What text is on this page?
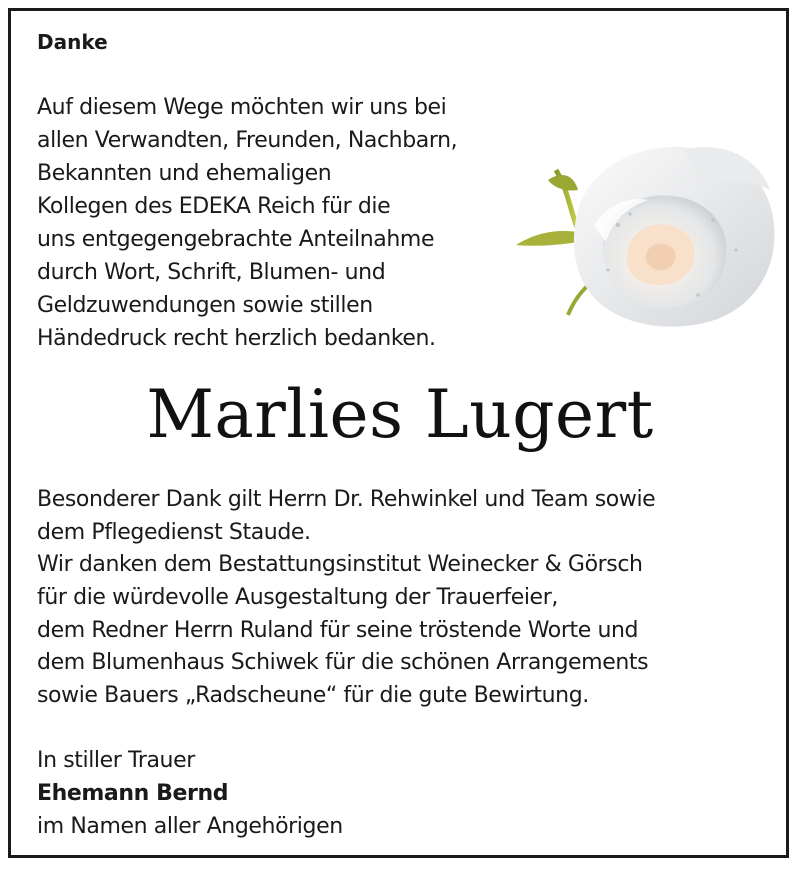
Danke
Auf diesem Wege möchten wir uns bei
allen Verwandten, Freunden, Nachbarn,
Bekannten und ehemaligen
Kollegen des EDEKA Reich für die
uns entgegengebrachte Anteilnahme
durch Wort, Schrift, Blumen- und
Geldzuwendungen sowie stillen
Händedruck recht herzlich bedanken.
Marlies Lugert
Besonderer Dank gilt Herrn Dr. Rehwinkel und Team sowie
dem Pflegedienst Staude.
Wir danken dem Bestattungsinstitut Weinecker & Görsch
für die würdevolle Ausgestaltung der Trauerfeier,
dem Redner Herrn Ruland für seine tröstende Worte und
dem Blumenhaus Schiwek für die schönen Arrangements
sowie Bauers „Radscheune“ für die gute Bewirtung.
In stiller Trauer
Ehemann Bernd
im Namen aller Angehörigen
